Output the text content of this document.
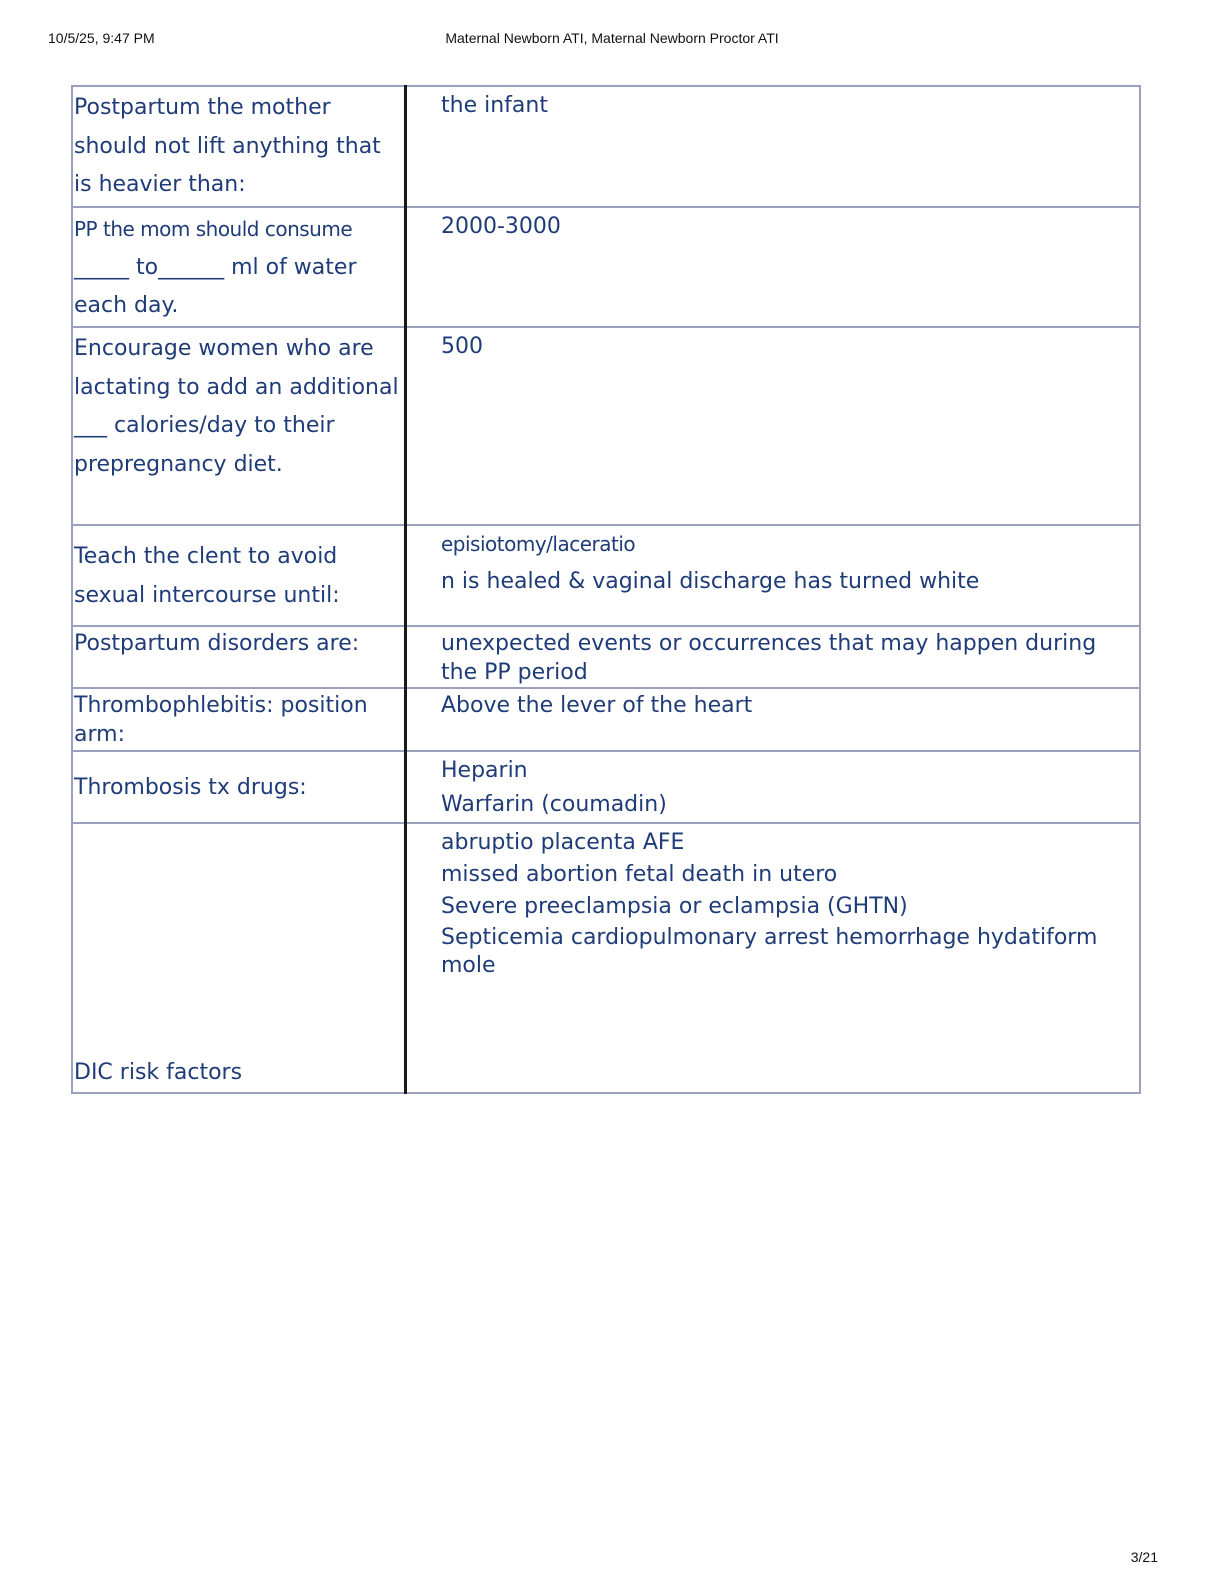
10/5/25, 9:47 PM	Maternal Newborn ATI, Maternal Newborn Proctor ATI
Postpartum the mother should not lift anything that is heavier than:	the infant

PP the mom should consume
_____ to______ ml of water each day.	2000-3000
Encourage women who are lactating to add an additional ___ calories/day to their prepregnancy diet.	500
Teach the clent to avoid sexual intercourse until:	episiotomy/laceratio
n is healed & vaginal discharge has turned white
Postpartum disorders are:	unexpected events or occurrences that may happen during the PP period
Thrombophlebitis: position arm:	Above the lever of the heart
Thrombosis tx drugs:	Heparin
Warfarin (coumadin)

DIC risk factors	abruptio placenta AFE
missed abortion fetal death in utero
Severe preeclampsia or eclampsia (GHTN)
Septicemia cardiopulmonary arrest hemorrhage hydatiform mole
3/21
